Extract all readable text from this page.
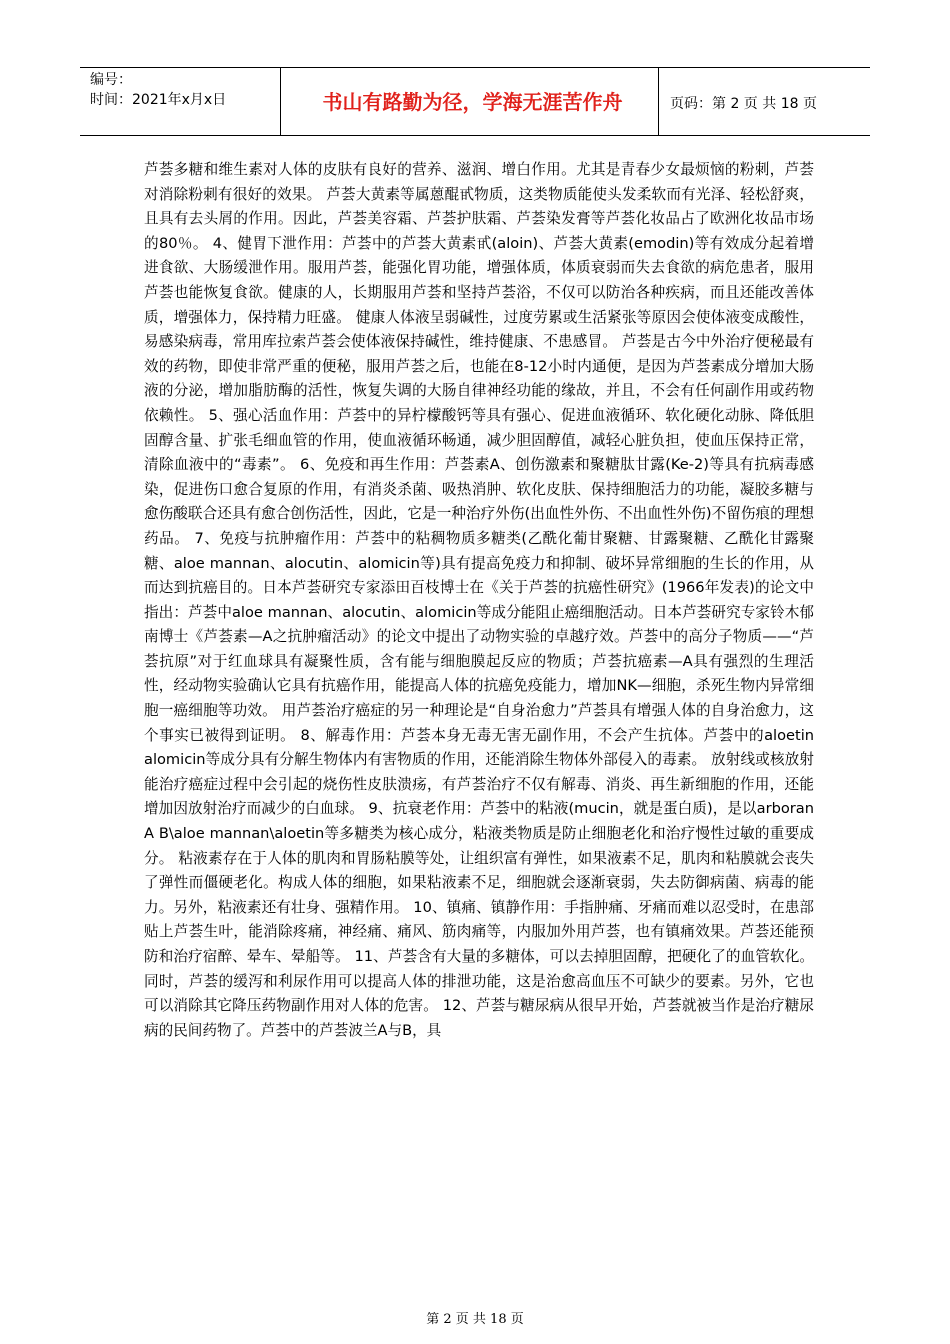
编号：
时间：2021年x月x日	书山有路勤为径，学海无涯苦作舟	页码：第 2 页 共 18 页

芦荟多糖和维生素对人体的皮肤有良好的营养、滋润、增白作用。尤其是青春少女最烦恼的粉刺，芦荟对消除粉刺有很好的效果。 芦荟大黄素等属蒽醌甙物质，这类物质能使头发柔软而有光泽、轻松舒爽，且具有去头屑的作用。因此，芦荟美容霜、芦荟护肤霜、芦荟染发膏等芦荟化妆品占了欧洲化妆品市场的80％。 4、健胃下泄作用：芦荟中的芦荟大黄素甙(aloin)、芦荟大黄素(emodin)等有效成分起着增进食欲、大肠缓泄作用。服用芦荟，能强化胃功能，增强体质，体质衰弱而失去食欲的病危患者，服用芦荟也能恢复食欲。健康的人，长期服用芦荟和坚持芦荟浴，不仅可以防治各种疾病，而且还能改善体质，增强体力，保持精力旺盛。 健康人体液呈弱碱性，过度劳累或生活紧张等原因会使体液变成酸性，易感染病毒，常用库拉索芦荟会使体液保持碱性，维持健康、不患感冒。 芦荟是古今中外治疗便秘最有效的药物，即使非常严重的便秘，服用芦荟之后，也能在8-12小时内通便，是因为芦荟素成分增加大肠液的分泌，增加脂肪酶的活性，恢复失调的大肠自律神经功能的缘故，并且，不会有任何副作用或药物依赖性。 5、强心活血作用：芦荟中的异柠檬酸钙等具有强心、促进血液循环、软化硬化动脉、降低胆固醇含量、扩张毛细血管的作用，使血液循环畅通，减少胆固醇值，减轻心脏负担，使血压保持正常，清除血液中的“毒素”。 6、免疫和再生作用：芦荟素A、创伤激素和聚糖肽甘露(Ke-2)等具有抗病毒感染，促进伤口愈合复原的作用，有消炎杀菌、吸热消肿、软化皮肤、保持细胞活力的功能，凝胶多糖与愈伤酸联合还具有愈合创伤活性，因此，它是一种治疗外伤(出血性外伤、不出血性外伤)不留伤痕的理想药品。 7、免疫与抗肿瘤作用：芦荟中的粘稠物质多糖类(乙酰化葡甘聚糖、甘露聚糖、乙酰化甘露聚糖、aloe mannan、alocutin、alomicin等)具有提高免疫力和抑制、破坏异常细胞的生长的作用，从而达到抗癌目的。日本芦荟研究专家添田百枝博士在《关于芦荟的抗癌性研究》(1966年发表)的论文中指出：芦荟中aloe mannan、alocutin、alomicin等成分能阻止癌细胞活动。日本芦荟研究专家铃木郁南博士《芦荟素—A之抗肿瘤活动》的论文中提出了动物实验的卓越疗效。芦荟中的高分子物质——“芦荟抗原”对于红血球具有凝聚性质，含有能与细胞膜起反应的物质；芦荟抗癌素—A具有强烈的生理活性，经动物实验确认它具有抗癌作用，能提高人体的抗癌免疫能力，增加NK—细胞，杀死生物内异常细胞一癌细胞等功效。 用芦荟治疗癌症的另一种理论是“自身治愈力”芦荟具有增强人体的自身治愈力，这个事实已被得到证明。 8、解毒作用：芦荟本身无毒无害无副作用，不会产生抗体。芦荟中的aloetin alomicin等成分具有分解生物体内有害物质的作用，还能消除生物体外部侵入的毒素。 放射线或核放射能治疗癌症过程中会引起的烧伤性皮肤溃疡，有芦荟治疗不仅有解毒、消炎、再生新细胞的作用，还能增加因放射治疗而减少的白血球。 9、抗衰老作用：芦荟中的粘液(mucin，就是蛋白质)，是以arboran A B\aloe mannan\aloetin等多糖类为核心成分，粘液类物质是防止细胞老化和治疗慢性过敏的重要成分。 粘液素存在于人体的肌肉和胃肠粘膜等处，让组织富有弹性，如果液素不足，肌肉和粘膜就会丧失了弹性而僵硬老化。构成人体的细胞，如果粘液素不足，细胞就会逐渐衰弱，失去防御病菌、病毒的能力。另外，粘液素还有壮身、强精作用。 10、镇痛、镇静作用：手指肿痛、牙痛而难以忍受时，在患部贴上芦荟生叶，能消除疼痛，神经痛、痛风、筋肉痛等，内服加外用芦荟，也有镇痛效果。芦荟还能预防和治疗宿醉、晕车、晕船等。 11、芦荟含有大量的多糖体，可以去掉胆固醇，把硬化了的血管软化。同时，芦荟的缓泻和利尿作用可以提高人体的排泄功能，这是治愈高血压不可缺少的要素。另外，它也可以消除其它降压药物副作用对人体的危害。 12、芦荟与糖尿病从很早开始，芦荟就被当作是治疗糖尿病的民间药物了。芦荟中的芦荟波兰A与B，具

第 2 页 共 18 页
